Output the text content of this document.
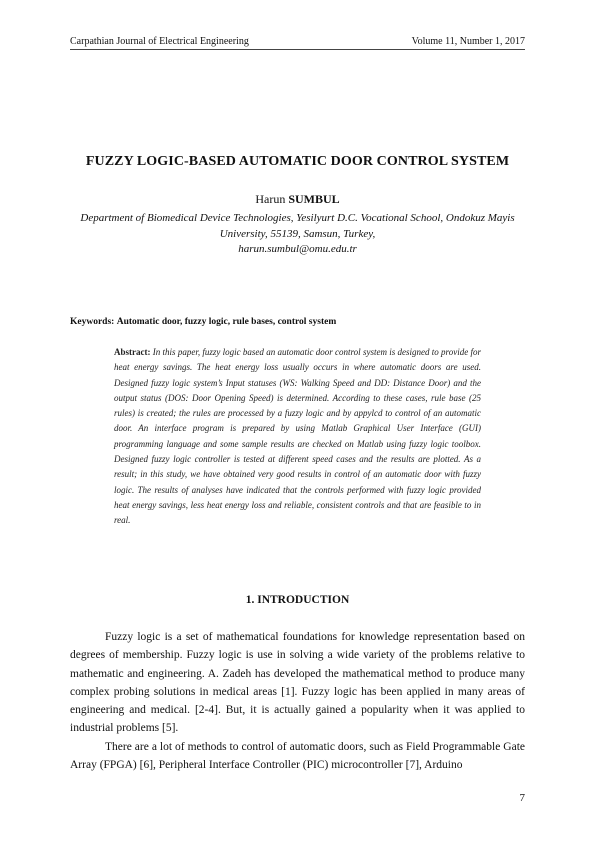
Carpathian Journal of Electrical Engineering	Volume 11, Number 1, 2017
FUZZY LOGIC-BASED AUTOMATIC DOOR CONTROL SYSTEM
Harun SUMBUL
Department of Biomedical Device Technologies, Yesilyurt D.C. Vocational School, Ondokuz Mayis
University, 55139, Samsun, Turkey,
harun.sumbul@omu.edu.tr
Keywords: Automatic door, fuzzy logic, rule bases, control system
Abstract: In this paper, fuzzy logic based an automatic door control system is designed to provide for heat energy savings. The heat energy loss usually occurs in where automatic doors are used. Designed fuzzy logic system’s Input statuses (WS: Walking Speed and DD: Distance Door) and the output status (DOS: Door Opening Speed) is determined. According to these cases, rule base (25 rules) is created; the rules are processed by a fuzzy logic and by appylcd to control of an automatic door. An interface program is prepared by using Matlab Graphical User Interface (GUI) programming language and some sample results are checked on Matlab using fuzzy logic toolbox. Designed fuzzy logic controller is tested at different speed cases and the results are plotted. As a result; in this study, we have obtained very good results in control of an automatic door with fuzzy logic. The results of analyses have indicated that the controls performed with fuzzy logic provided heat energy savings, less heat energy loss and reliable, consistent controls and that are feasible to in real.
1. INTRODUCTION

Fuzzy logic is a set of mathematical foundations for knowledge representation based on degrees of membership. Fuzzy logic is use in solving a wide variety of the problems relative to mathematic and engineering. A. Zadeh has developed the mathematical method to produce many complex probing solutions in medical areas [1]. Fuzzy logic has been applied in many areas of engineering and medical. [2-4]. But, it is actually gained a popularity when it was applied to industrial problems [5].

There are a lot of methods to control of automatic doors, such as Field Programmable Gate Array (FPGA) [6], Peripheral Interface Controller (PIC) microcontroller [7], Arduino

7
